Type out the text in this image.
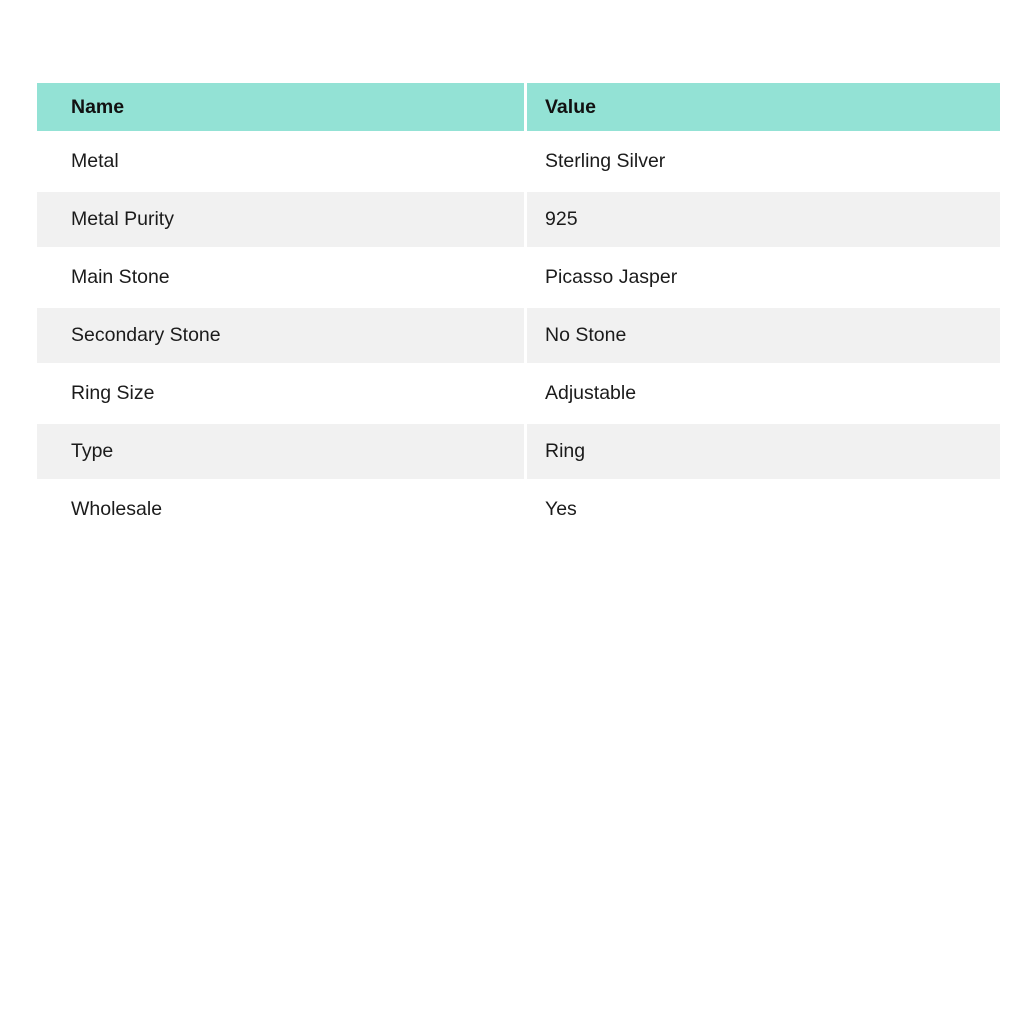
Name	Value
Metal	Sterling Silver
Metal Purity	925
Main Stone	Picasso Jasper
Secondary Stone	No Stone
Ring Size	Adjustable
Type	Ring
Wholesale	Yes
